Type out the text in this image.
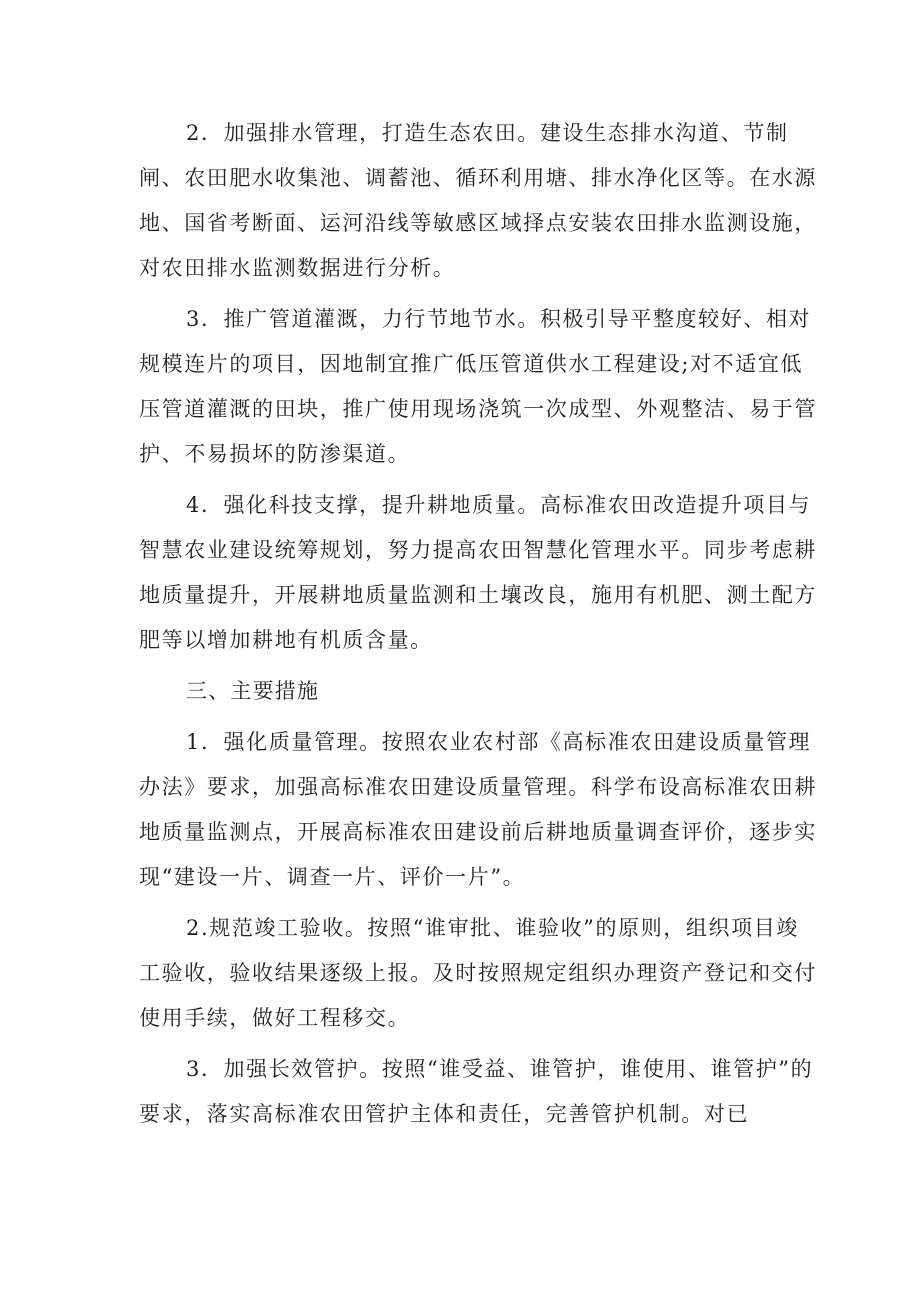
2．加强排水管理，打造生态农田。建设生态排水沟道、节制闸、农田肥水收集池、调蓄池、循环利用塘、排水净化区等。在水源地、国省考断面、运河沿线等敏感区域择点安装农田排水监测设施，对农田排水监测数据进行分析。

3．推广管道灌溉，力行节地节水。积极引导平整度较好、相对规模连片的项目，因地制宜推广低压管道供水工程建设;对不适宜低压管道灌溉的田块，推广使用现场浇筑一次成型、外观整洁、易于管护、不易损坏的防渗渠道。

4．强化科技支撑，提升耕地质量。高标准农田改造提升项目与智慧农业建设统筹规划，努力提高农田智慧化管理水平。同步考虑耕地质量提升，开展耕地质量监测和土壤改良，施用有机肥、测土配方肥等以增加耕地有机质含量。

三、主要措施

1．强化质量管理。按照农业农村部《高标准农田建设质量管理办法》要求，加强高标准农田建设质量管理。科学布设高标准农田耕地质量监测点，开展高标准农田建设前后耕地质量调查评价，逐步实现“建设一片、调查一片、评价一片”。

2.规范竣工验收。按照“谁审批、谁验收”的原则，组织项目竣工验收，验收结果逐级上报。及时按照规定组织办理资产登记和交付使用手续，做好工程移交。

3．加强长效管护。按照“谁受益、谁管护，谁使用、谁管护”的要求，落实高标准农田管护主体和责任，完善管护机制。对已
